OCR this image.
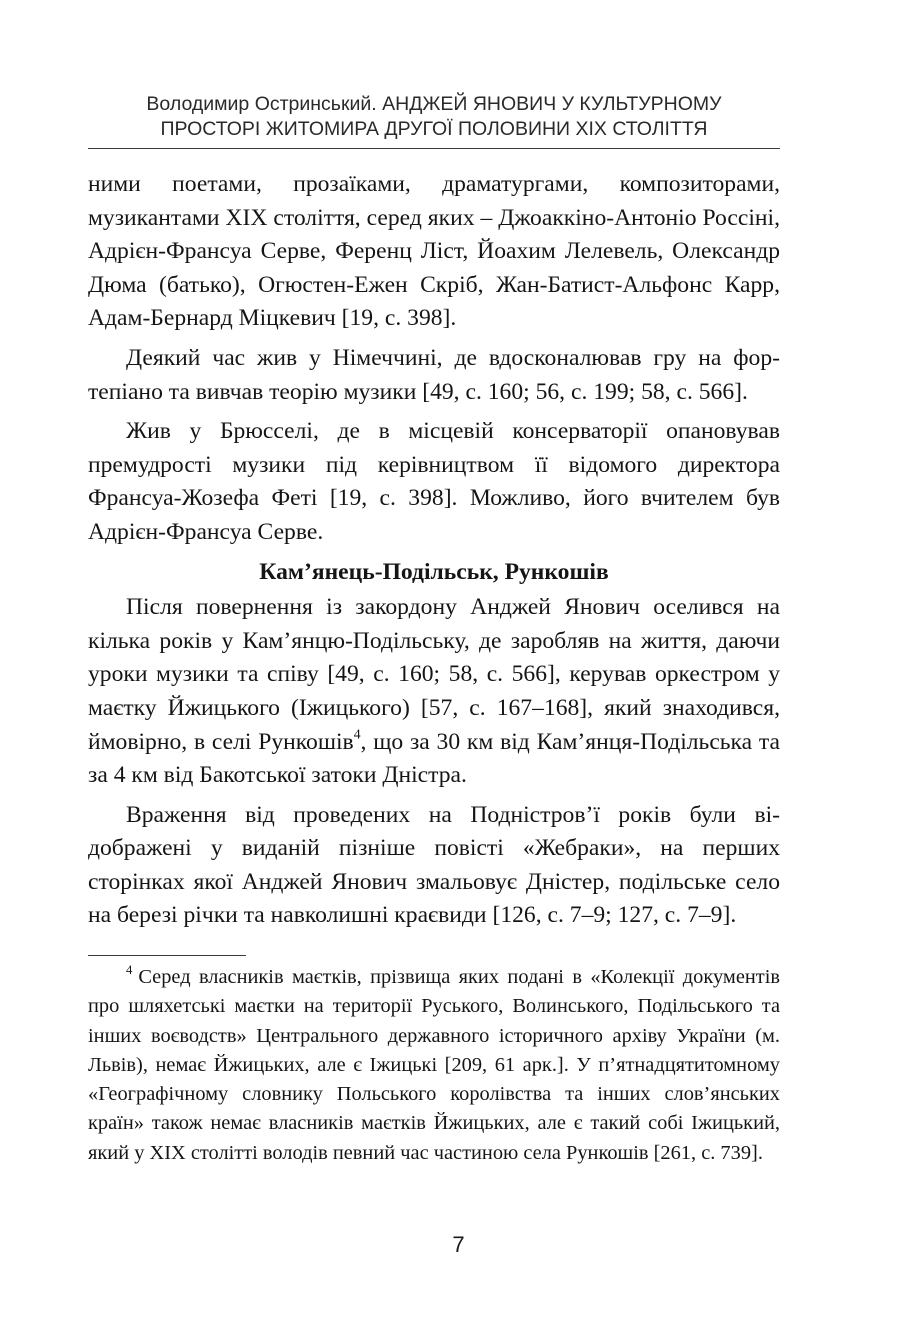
Володимир Остринський. АНДЖЕЙ ЯНОВИЧ У КУЛЬТУРНОМУ
ПРОСТОРІ ЖИТОМИРА ДРУГОЇ ПОЛОВИНИ ХІХ СТОЛІТТЯ

ними поетами, прозаїками, драматургами, композиторами, музикантами ХІХ століття, серед яких – Джоаккіно-Антоніо Россіні, Адрієн-Франсуа Серве, Ференц Ліст, Йоахим Лелевель, Олександр Дюма (батько), Огюстен-Ежен Скріб, Жан-Батист-Альфонс Карр, Адам-Бернард Міцкевич [19, с. 398].

Деякий час жив у Німеччині, де вдосконалював гру на фортепіано та вивчав теорію музики [49, с. 160; 56, с. 199; 58, с. 566].

Жив у Брюсселі, де в місцевій консерваторії опановував премудрості музики під керівництвом її відомого директора Франсуа-Жозефа Феті [19, с. 398]. Можливо, його вчителем був Адрієн-Франсуа Серве.

Кам’янець-Подільськ, Рункошів

Після повернення із закордону Анджей Янович оселився на кілька років у Кам’янцю-Подільську, де заробляв на життя, даючи уроки музики та співу [49, с. 160; 58, с. 566], керував оркестром у маєтку Йжицького (Іжицького) [57, с. 167–168], який знаходився, ймовірно, в селі Рункошів$^4$, що за 30 км від Кам’янця-Подільська та за 4 км від Бакотської затоки Дністра.

Враження від проведених на Подністров’ї років були відображені у виданій пізніше повісті «Жебраки», на перших сторінках якої Анджей Янович змальовує Дністер, подільське село на березі річки та навколишні краєвиди [126, с. 7–9; 127, с. 7–9].

$^4$ Серед власників маєтків, прізвища яких подані в «Колекції документів про шляхетські маєтки на території Руського, Волинського, Подільського та інших воєводств» Центрального державного історичного архіву України (м. Львів), немає Йжицьких, але є Іжицькі [209, 61 арк.]. У п’ятнадцятитомному «Географічному словнику Польського королівства та інших слов’янських країн» також немає власників маєтків Йжицьких, але є такий собі Іжицький, який у ХІХ столітті володів певний час частиною села Рункошів [261, с. 739].

7
